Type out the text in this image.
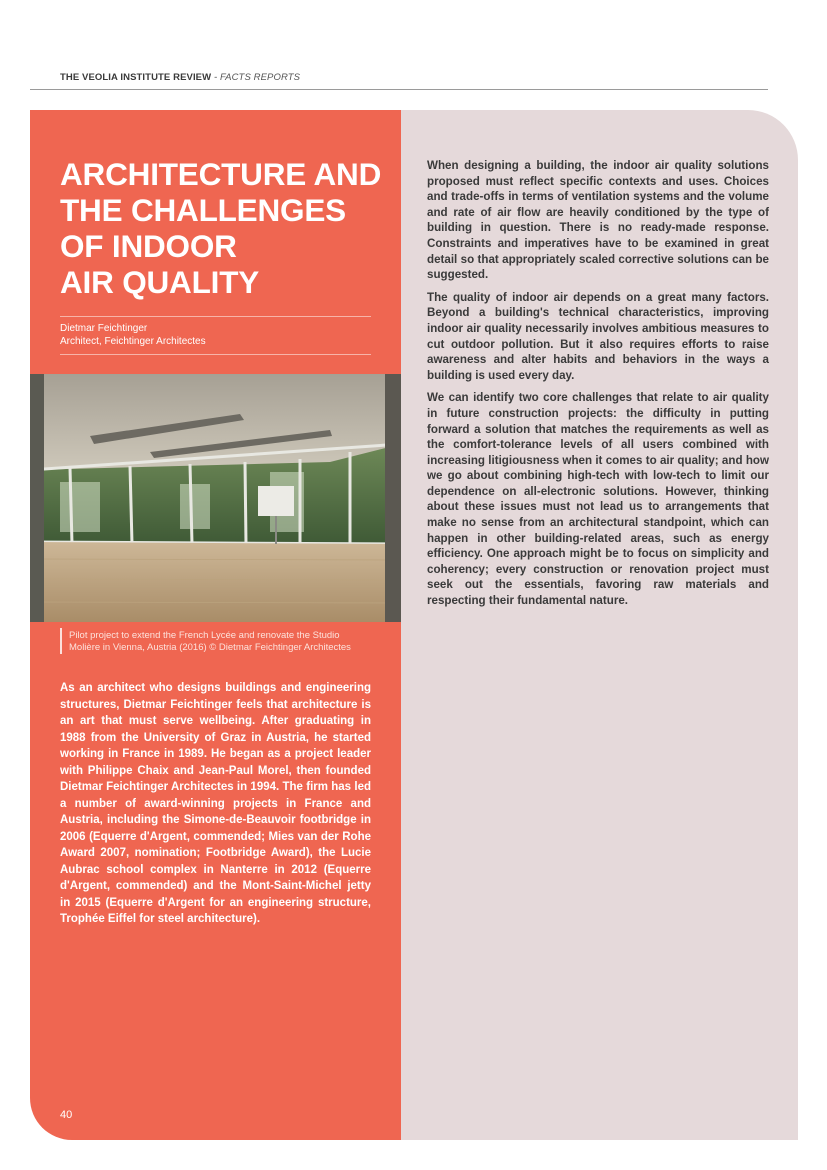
THE VEOLIA INSTITUTE REVIEW - FACTS REPORTS
ARCHITECTURE AND
THE CHALLENGES
OF INDOOR
AIR QUALITY
Dietmar Feichtinger
Architect, Feichtinger Architectes
Pilot project to extend the French Lycée and renovate the Studio Molière in Vienna, Austria (2016) © Dietmar Feichtinger Architectes
As an architect who designs buildings and engineering structures, Dietmar Feichtinger feels that architecture is an art that must serve wellbeing. After graduating in 1988 from the University of Graz in Austria, he started working in France in 1989. He began as a project leader with Philippe Chaix and Jean-Paul Morel, then founded Dietmar Feichtinger Architectes in 1994. The firm has led a number of award-winning projects in France and Austria, including the Simone-de-Beauvoir footbridge in 2006 (Equerre d'Argent, commended; Mies van der Rohe Award 2007, nomination; Footbridge Award), the Lucie Aubrac school complex in Nanterre in 2012 (Equerre d'Argent, commended) and the Mont-Saint-Michel jetty in 2015 (Equerre d'Argent for an engineering structure, Trophée Eiffel for steel architecture).
40

When designing a building, the indoor air quality solutions proposed must reflect specific contexts and uses. Choices and trade-offs in terms of ventilation systems and the volume and rate of air flow are heavily conditioned by the type of building in question. There is no ready-made response. Constraints and imperatives have to be examined in great detail so that appropriately scaled corrective solutions can be suggested.

The quality of indoor air depends on a great many factors. Beyond a building's technical characteristics, improving indoor air quality necessarily involves ambitious measures to cut outdoor pollution. But it also requires efforts to raise awareness and alter habits and behaviors in the ways a building is used every day.

We can identify two core challenges that relate to air quality in future construction projects: the difficulty in putting forward a solution that matches the requirements as well as the comfort-tolerance levels of all users combined with increasing litigiousness when it comes to air quality; and how we go about combining high-tech with low-tech to limit our dependence on all-electronic solutions. However, thinking about these issues must not lead us to arrangements that make no sense from an architectural standpoint, which can happen in other building-related areas, such as energy efficiency. One approach might be to focus on simplicity and coherency; every construction or renovation project must seek out the essentials, favoring raw materials and respecting their fundamental nature.
